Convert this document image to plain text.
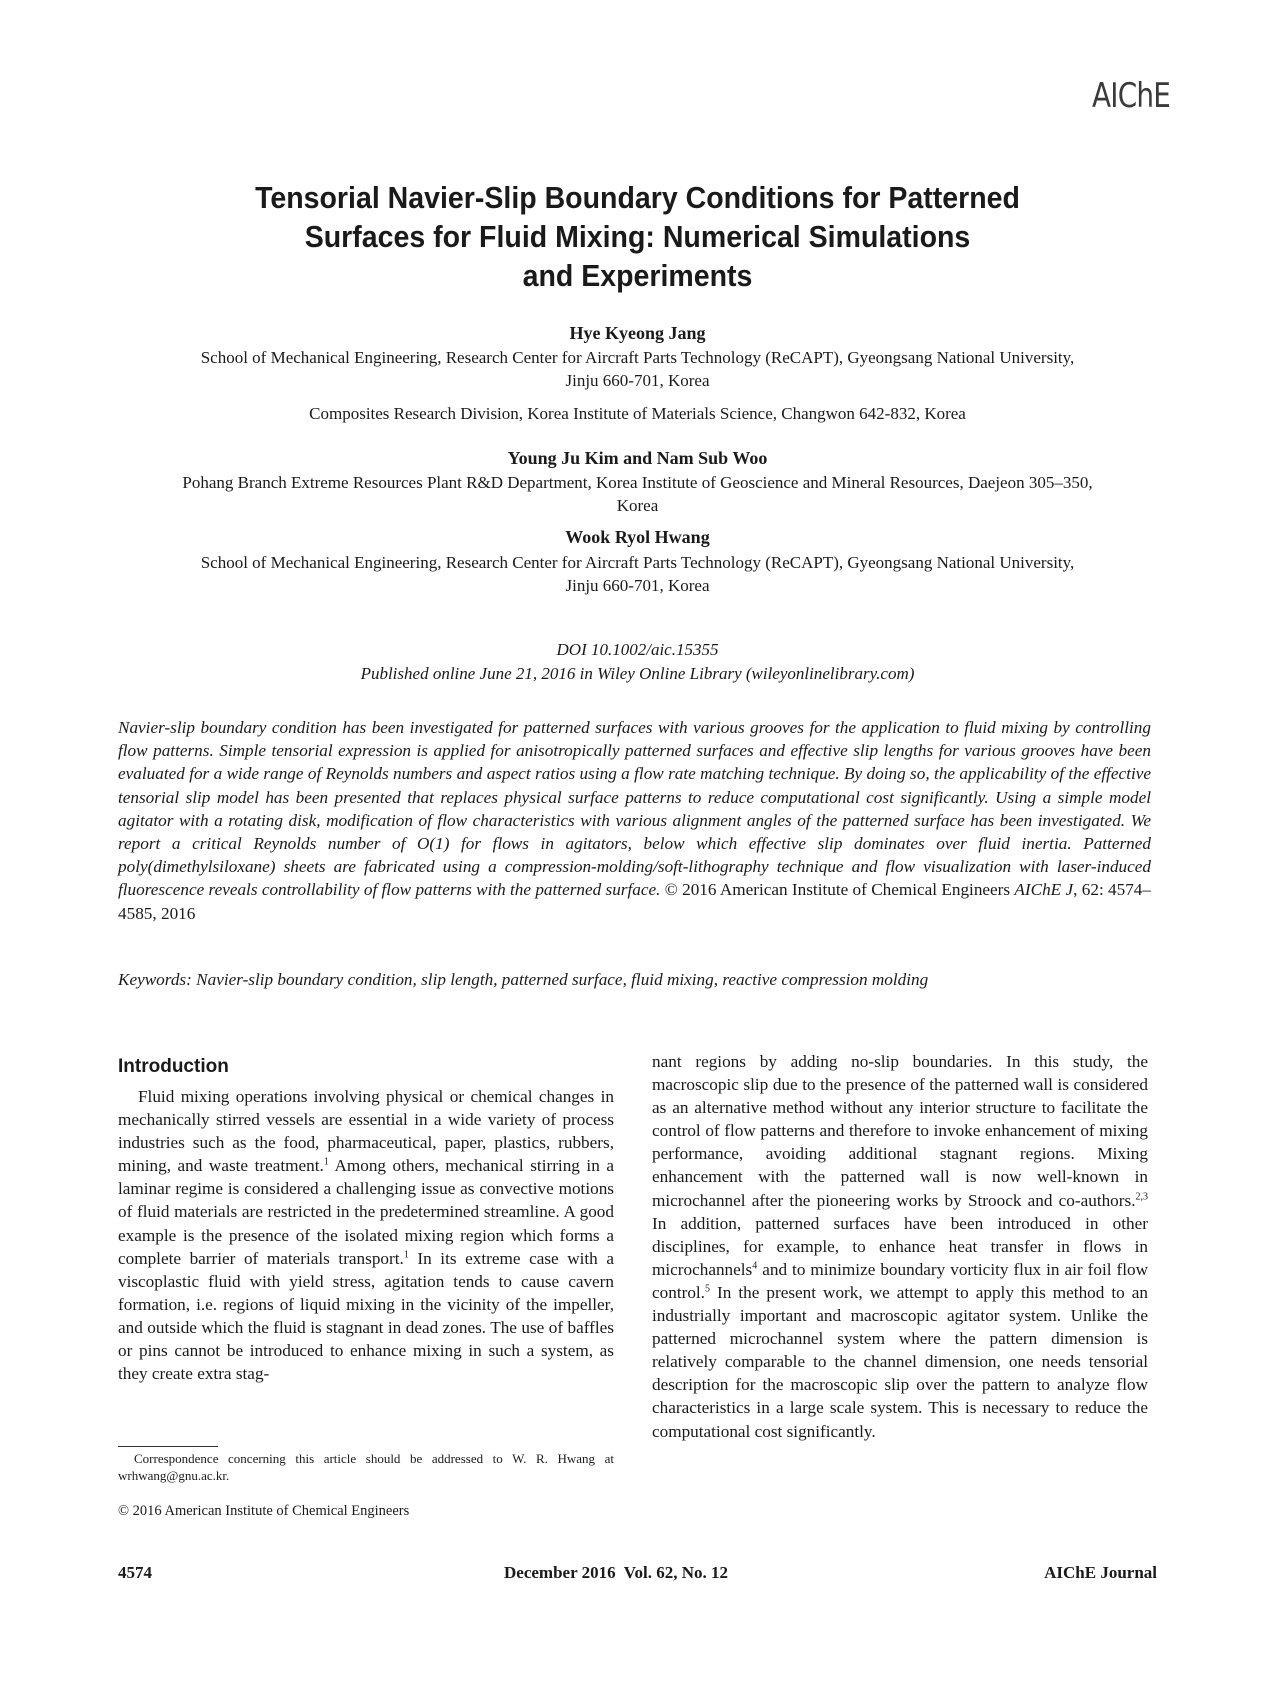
AIChE
Tensorial Navier-Slip Boundary Conditions for Patterned
Surfaces for Fluid Mixing: Numerical Simulations
and Experiments
Hye Kyeong Jang
School of Mechanical Engineering, Research Center for Aircraft Parts Technology (ReCAPT), Gyeongsang National University, Jinju 660-701, Korea
Composites Research Division, Korea Institute of Materials Science, Changwon 642-832, Korea
Young Ju Kim and Nam Sub Woo
Pohang Branch Extreme Resources Plant R&D Department, Korea Institute of Geoscience and Mineral Resources, Daejeon 305–350, Korea
Wook Ryol Hwang
School of Mechanical Engineering, Research Center for Aircraft Parts Technology (ReCAPT), Gyeongsang National University, Jinju 660-701, Korea
DOI 10.1002/aic.15355
Published online June 21, 2016 in Wiley Online Library (wileyonlinelibrary.com)
Navier-slip boundary condition has been investigated for patterned surfaces with various grooves for the application to fluid mixing by controlling flow patterns. Simple tensorial expression is applied for anisotropically patterned surfaces and effective slip lengths for various grooves have been evaluated for a wide range of Reynolds numbers and aspect ratios using a flow rate matching technique. By doing so, the applicability of the effective tensorial slip model has been presented that replaces physical surface patterns to reduce computational cost significantly. Using a simple model agitator with a rotating disk, modification of flow characteristics with various alignment angles of the patterned surface has been investigated. We report a critical Reynolds number of O(1) for flows in agitators, below which effective slip dominates over fluid inertia. Patterned poly(dimethylsiloxane) sheets are fabricated using a compression-molding/soft-lithography technique and flow visualization with laser-induced fluorescence reveals controllability of flow patterns with the patterned surface. © 2016 American Institute of Chemical Engineers AIChE J, 62: 4574–4585, 2016
Keywords: Navier-slip boundary condition, slip length, patterned surface, fluid mixing, reactive compression molding
Introduction
Fluid mixing operations involving physical or chemical changes in mechanically stirred vessels are essential in a wide variety of process industries such as the food, pharmaceutical, paper, plastics, rubbers, mining, and waste treatment.$^1$ Among others, mechanical stirring in a laminar regime is considered a challenging issue as convective motions of fluid materials are restricted in the predetermined streamline. A good example is the presence of the isolated mixing region which forms a complete barrier of materials transport.$^1$ In its extreme case with a viscoplastic fluid with yield stress, agitation tends to cause cavern formation, i.e. regions of liquid mixing in the vicinity of the impeller, and outside which the fluid is stagnant in dead zones. The use of baffles or pins cannot be introduced to enhance mixing in such a system, as they create extra stag-
nant regions by adding no-slip boundaries. In this study, the macroscopic slip due to the presence of the patterned wall is considered as an alternative method without any interior structure to facilitate the control of flow patterns and therefore to invoke enhancement of mixing performance, avoiding additional stagnant regions. Mixing enhancement with the patterned wall is now well-known in microchannel after the pioneering works by Stroock and co-authors.$^{2,3}$ In addition, patterned surfaces have been introduced in other disciplines, for example, to enhance heat transfer in flows in microchannels$^4$ and to minimize boundary vorticity flux in air foil flow control.$^5$ In the present work, we attempt to apply this method to an industrially important and macroscopic agitator system. Unlike the patterned microchannel system where the pattern dimension is relatively comparable to the channel dimension, one needs tensorial description for the macroscopic slip over the pattern to analyze flow characteristics in a large scale system. This is necessary to reduce the computational cost significantly.
Correspondence concerning this article should be addressed to W. R. Hwang at wrhwang@gnu.ac.kr.
© 2016 American Institute of Chemical Engineers
4574	December 2016  Vol. 62, No. 12	AIChE Journal
